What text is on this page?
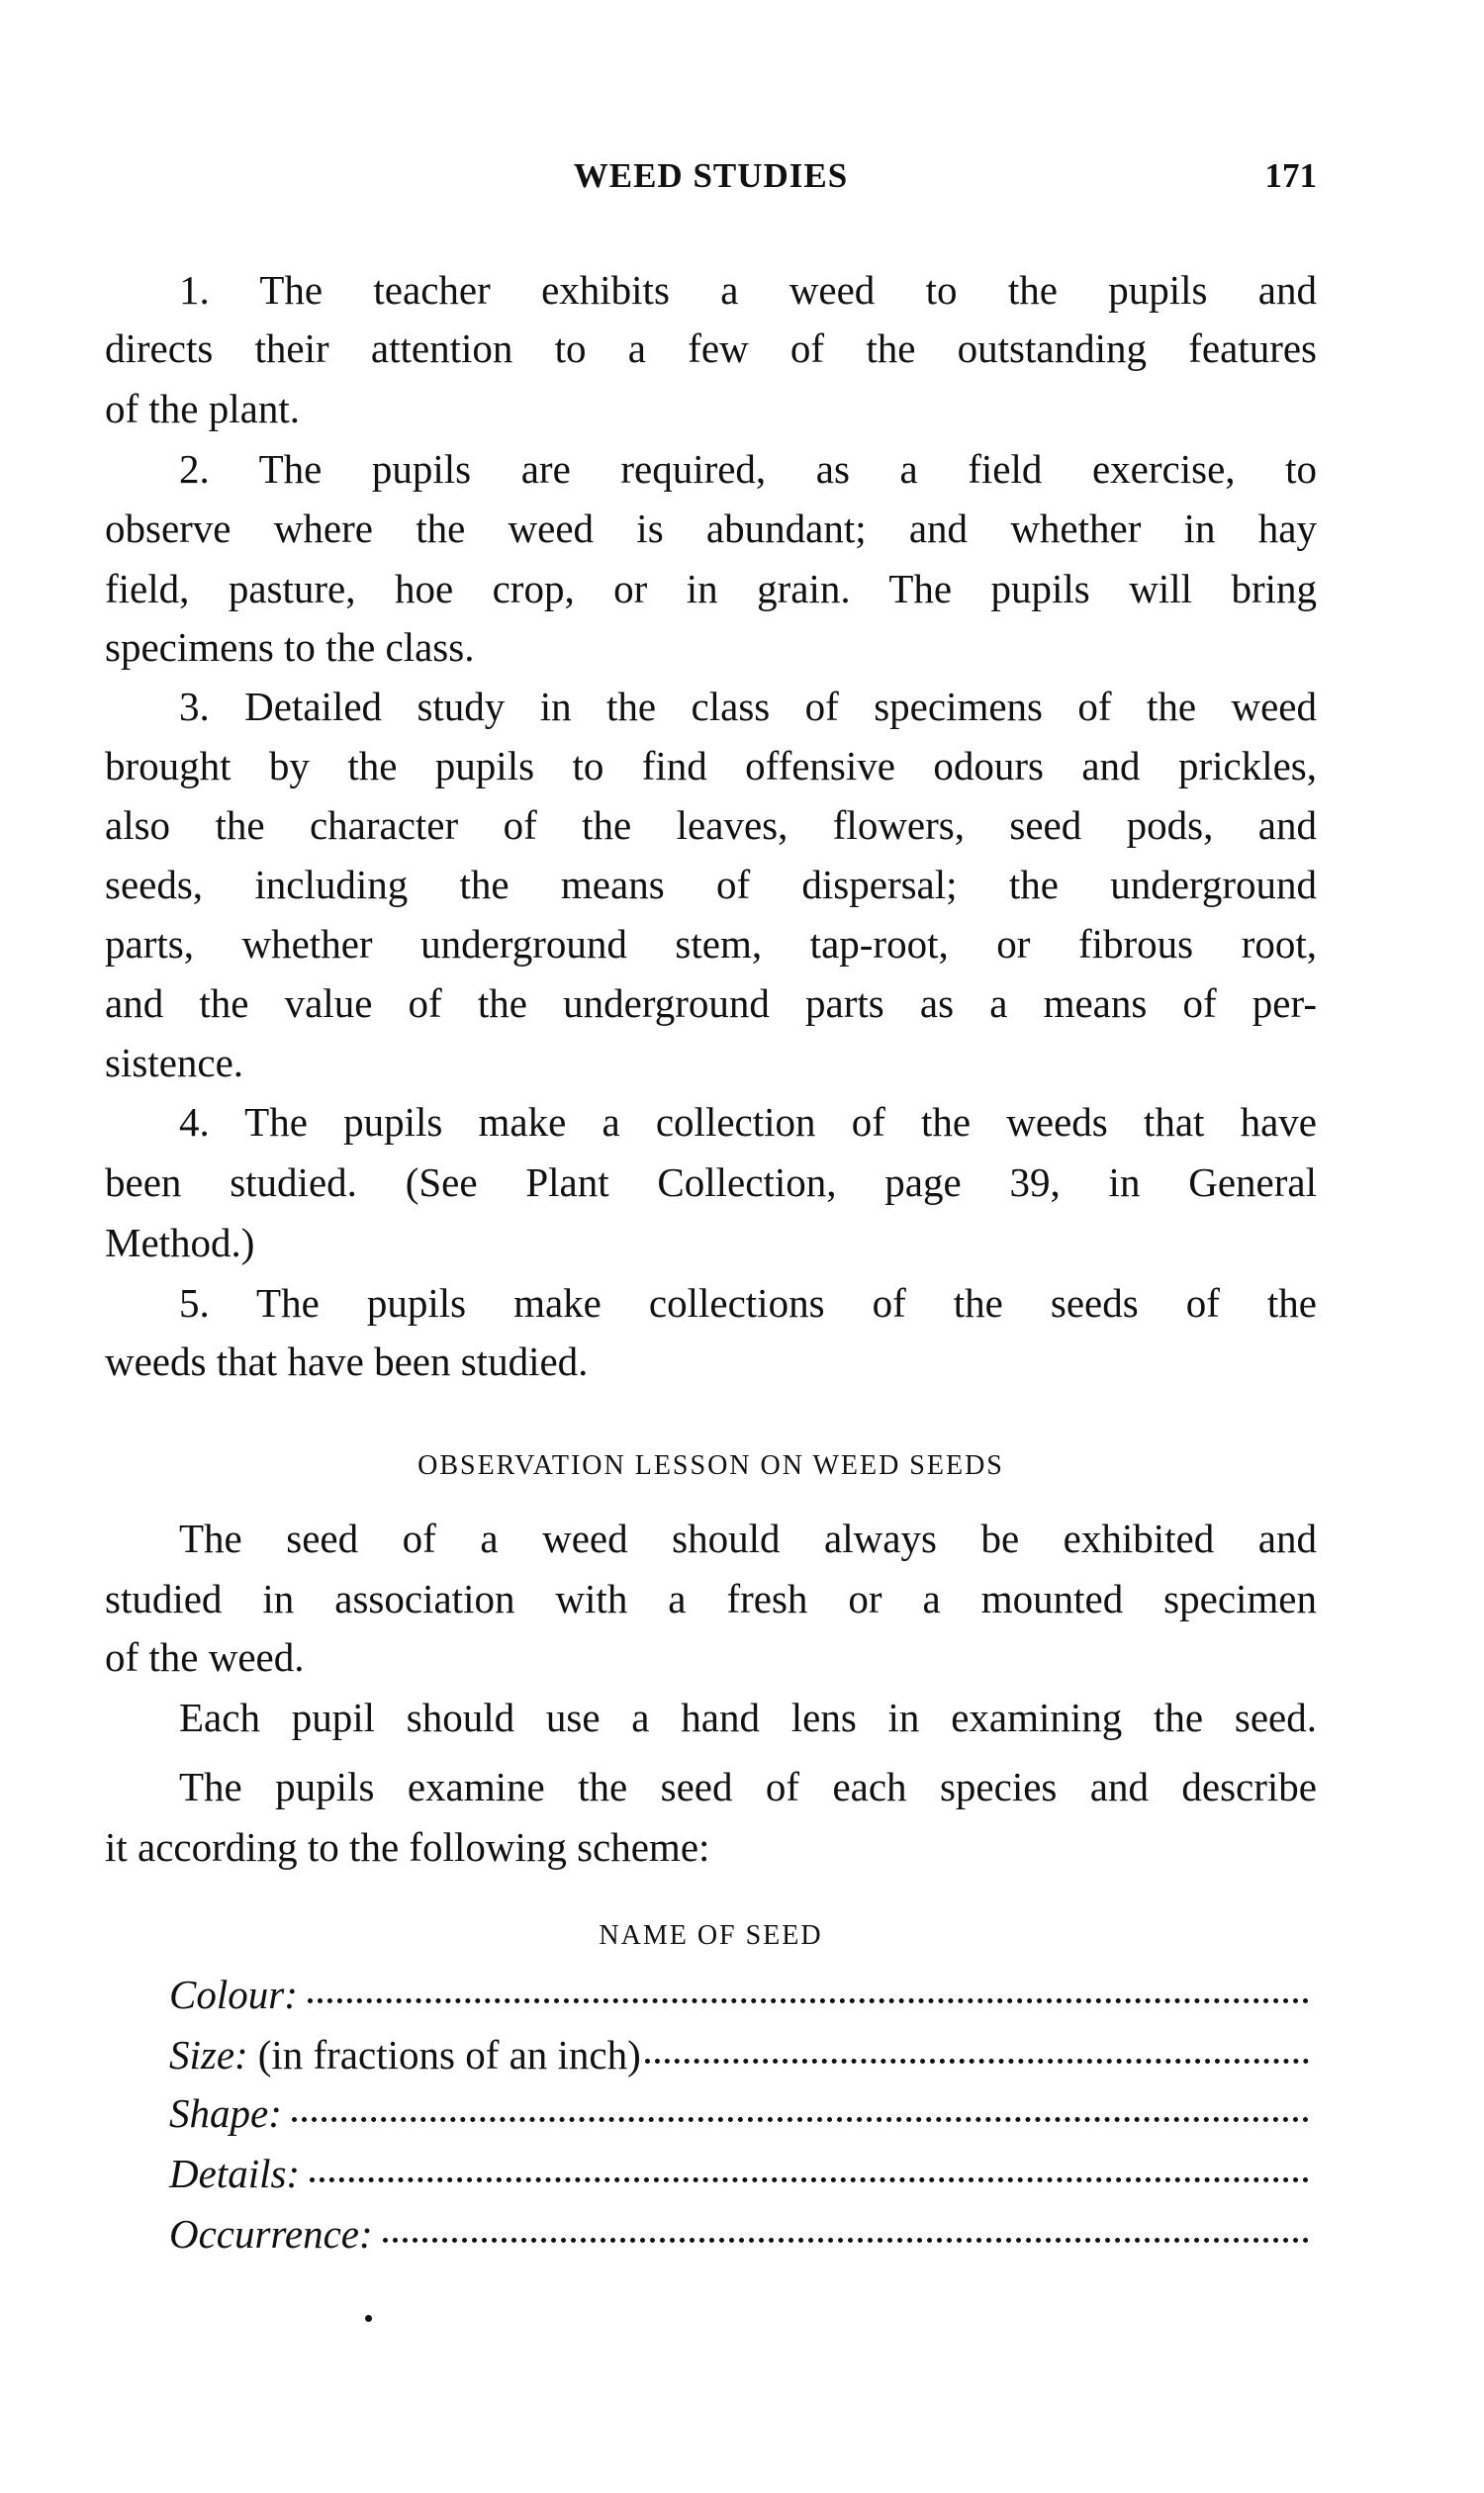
WEED STUDIES	171
1. The teacher exhibits a weed to the pupils and
directs their attention to a few of the outstanding features
of the plant.
2. The pupils are required, as a field exercise, to
observe where the weed is abundant; and whether in hay
field, pasture, hoe crop, or in grain. The pupils will bring
specimens to the class.
3. Detailed study in the class of specimens of the weed
brought by the pupils to find offensive odours and prickles,
also the character of the leaves, flowers, seed pods, and
seeds, including the means of dispersal; the underground
parts, whether underground stem, tap-root, or fibrous root,
and the value of the underground parts as a means of per-
sistence.
4. The pupils make a collection of the weeds that have
been studied. (See Plant Collection, page 39, in General
Method.)
5. The pupils make collections of the seeds of the
weeds that have been studied.
OBSERVATION LESSON ON WEED SEEDS
The seed of a weed should always be exhibited and
studied in association with a fresh or a mounted specimen
of the weed.
Each pupil should use a hand lens in examining the seed.
The pupils examine the seed of each species and describe
it according to the following scheme:
NAME OF SEED
Colour:
Size: (in fractions of an inch)
Shape:
Details:
Occurrence:
